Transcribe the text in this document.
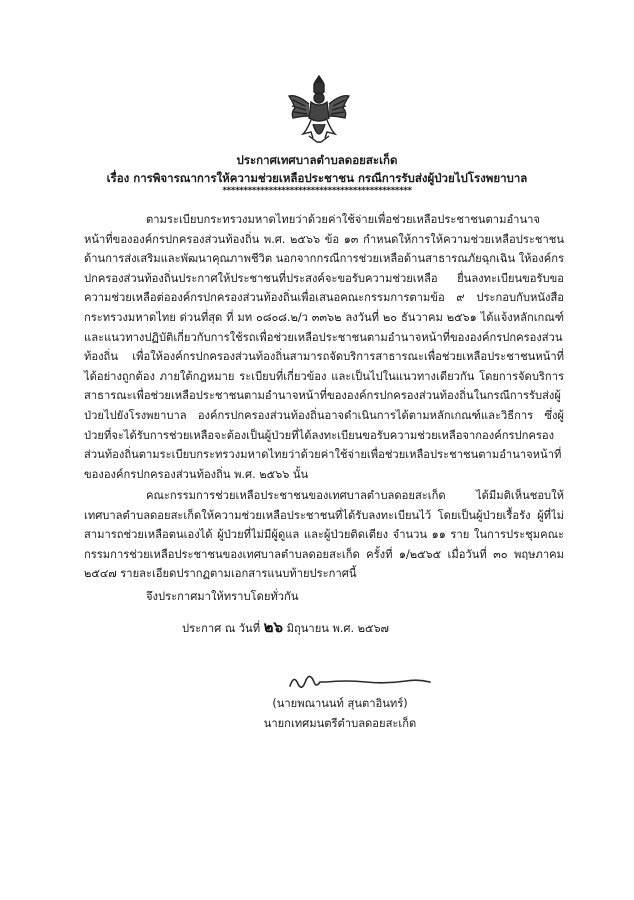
ประกาศเทศบาลตำบลดอยสะเก็ด
เรื่อง การพิจารณาการให้ความช่วยเหลือประชาชน กรณีการรับส่งผู้ป่วยไปโรงพยาบาล
*********************************************
ตามระเบียบกระทรวงมหาดไทยว่าด้วยค่าใช้จ่ายเพื่อช่วยเหลือประชาชนตามอำนาจหน้าที่ขององค์กรปกครองส่วนท้องถิ่น พ.ศ. ๒๕๖๖ ข้อ ๑๓ กำหนดให้การให้ความช่วยเหลือประชาชนด้านการส่งเสริมและพัฒนาคุณภาพชีวิต นอกจากกรณีการช่วยเหลือด้านสาธารณภัยฉุกเฉิน ให้องค์กรปกครองส่วนท้องถิ่นประกาศให้ประชาชนที่ประสงค์จะขอรับความช่วยเหลือ ยื่นลงทะเบียนขอรับขอความช่วยเหลือต่อองค์กรปกครองส่วนท้องถิ่นเพื่อเสนอคณะกรรมการตามข้อ ๙ ประกอบกับหนังสือกระทรวงมหาดไทย ด่วนที่สุด ที่ มท ๐๘๐๘.๒/ว ๓๓๖๒ ลงวันที่ ๒๐ ธันวาคม ๒๕๖๑ ได้แจ้งหลักเกณฑ์และแนวทางปฏิบัติเกี่ยวกับการใช้รถเพื่อช่วยเหลือประชาชนตามอำนาจหน้าที่ขององค์กรปกครองส่วนท้องถิ่น เพื่อให้องค์กรปกครองส่วนท้องถิ่นสามารถจัดบริการสาธารณะเพื่อช่วยเหลือประชาชนหน้าที่ได้อย่างถูกต้อง ภายใต้กฎหมาย ระเบียบที่เกี่ยวข้อง และเป็นไปในแนวทางเดียวกัน โดยการจัดบริการสาธารณะเพื่อช่วยเหลือประชาชนตามอำนาจหน้าที่ขององค์กรปกครองส่วนท้องถิ่นในกรณีการรับส่งผู้ป่วยไปยังโรงพยาบาล องค์กรปกครองส่วนท้องถิ่นอาจดำเนินการได้ตามหลักเกณฑ์และวิธีการ ซึ่งผู้ป่วยที่จะได้รับการช่วยเหลือจะต้องเป็นผู้ป่วยที่ได้ลงทะเบียนขอรับความช่วยเหลือจากองค์กรปกครองส่วนท้องถิ่นตามระเบียบกระทรวงมหาดไทยว่าด้วยค่าใช้จ่ายเพื่อช่วยเหลือประชาชนตามอำนาจหน้าที่ขององค์กรปกครองส่วนท้องถิ่น พ.ศ. ๒๕๖๖ นั้น
คณะกรรมการช่วยเหลือประชาชนของเทศบาลตำบลดอยสะเก็ด ได้มีมติเห็นชอบให้เทศบาลตำบลดอยสะเก็ดให้ความช่วยเหลือประชาชนที่ได้รับลงทะเบียนไว้ โดยเป็นผู้ป่วยเรื้อรัง ผู้ที่ไม่สามารถช่วยเหลือตนเองได้ ผู้ป่วยที่ไม่มีผู้ดูแล และผู้ป่วยติดเตียง จำนวน ๑๑ ราย ในการประชุมคณะกรรมการช่วยเหลือประชาชนของเทศบาลตำบลดอยสะเก็ด ครั้งที่ ๑/๒๕๖๕ เมื่อวันที่ ๓๐ พฤษภาคม ๒๕๔๗ รายละเอียดปรากฏตามเอกสารแนบท้ายประกาศนี้
จึงประกาศมาให้ทราบโดยทั่วกัน
ประกาศ ณ วันที่ ๒๖ มิถุนายน พ.ศ. ๒๕๖๗
(นายพณานนท์ สุนตาอินทร์)
นายกเทศมนตรีตำบลดอยสะเก็ด
